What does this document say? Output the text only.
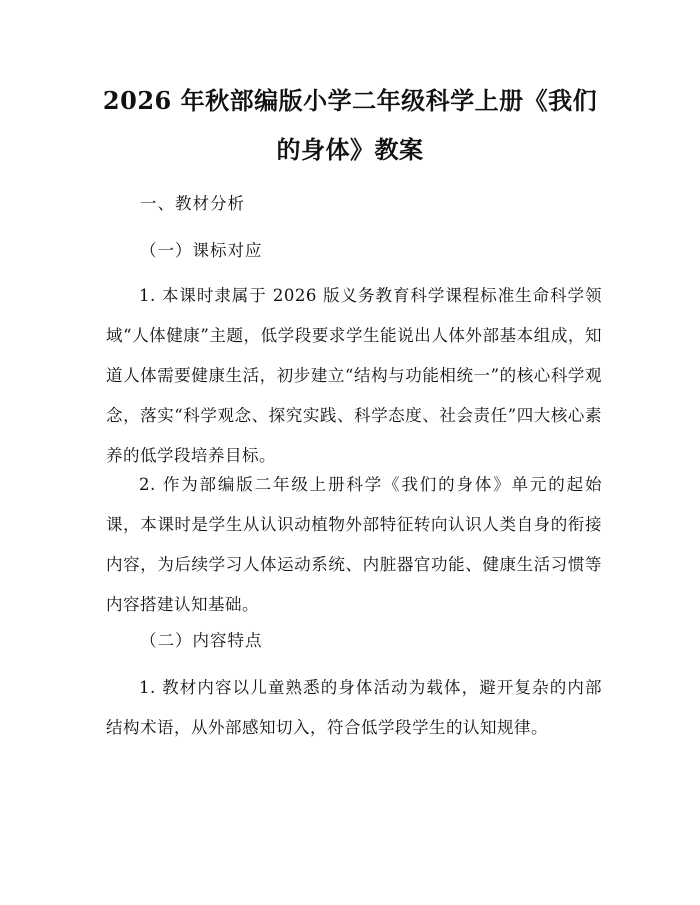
2026 年秋部编版小学二年级科学上册《我们
的身体》教案
一、教材分析
（一）课标对应
1. 本课时隶属于 2026 版义务教育科学课程标准生命科学领域“人体健康”主题，低学段要求学生能说出人体外部基本组成，知道人体需要健康生活，初步建立“结构与功能相统一”的核心科学观念，落实“科学观念、探究实践、科学态度、社会责任”四大核心素养的低学段培养目标。
2. 作为部编版二年级上册科学《我们的身体》单元的起始课，本课时是学生从认识动植物外部特征转向认识人类自身的衔接内容，为后续学习人体运动系统、内脏器官功能、健康生活习惯等内容搭建认知基础。
（二）内容特点
1. 教材内容以儿童熟悉的身体活动为载体，避开复杂的内部结构术语，从外部感知切入，符合低学段学生的认知规律。
